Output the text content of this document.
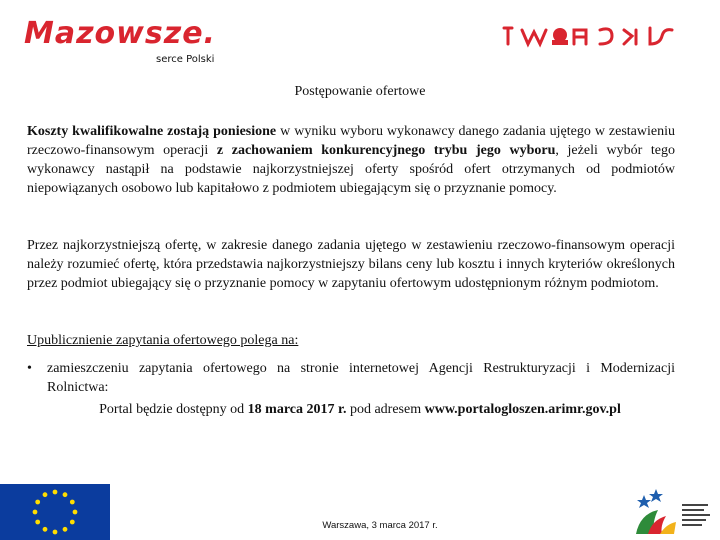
Mazowsze.
serce Polski
Postępowanie ofertowe
Koszty kwalifikowalne zostają poniesione w wyniku wyboru wykonawcy danego zadania ujętego w zestawieniu rzeczowo-finansowym operacji z zachowaniem konkurencyjnego trybu jego wyboru, jeżeli wybór tego wykonawcy nastąpił na podstawie najkorzystniejszej oferty spośród ofert otrzymanych od podmiotów niepowiązanych osobowo lub kapitałowo z podmiotem ubiegającym się o przyznanie pomocy.
Przez najkorzystniejszą ofertę, w zakresie danego zadania ujętego w zestawieniu rzeczowo-finansowym operacji należy rozumieć ofertę, która przedstawia najkorzystniejszy bilans ceny lub kosztu i innych kryteriów określonych przez podmiot ubiegający się o przyznanie pomocy w zapytaniu ofertowym udostępnionym różnym podmiotom.
Upublicznienie zapytania ofertowego polega na:
• zamieszczeniu zapytania ofertowego na stronie internetowej Agencji Restrukturyzacji i Modernizacji Rolnictwa:
Portal będzie dostępny od 18 marca 2017 r. pod adresem www.portalogloszen.arimr.gov.pl
Warszawa, 3 marca 2017 r.
